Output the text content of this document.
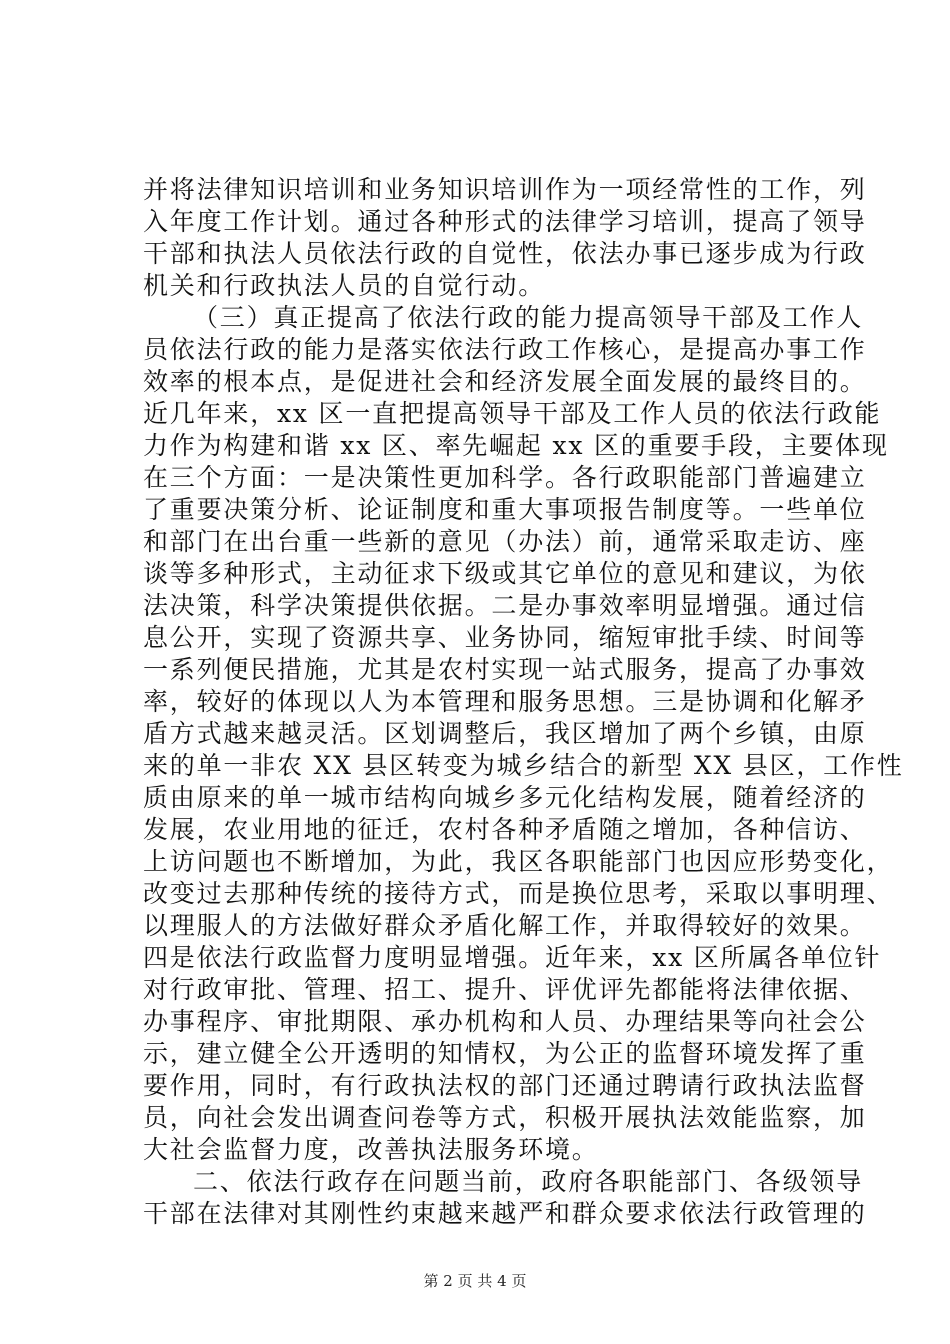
并将法律知识培训和业务知识培训作为一项经常性的工作，列
入年度工作计划。通过各种形式的法律学习培训，提高了领导
干部和执法人员依法行政的自觉性，依法办事已逐步成为行政
机关和行政执法人员的自觉行动。
（三）真正提高了依法行政的能力提高领导干部及工作人
员依法行政的能力是落实依法行政工作核心，是提高办事工作
效率的根本点，是促进社会和经济发展全面发展的最终目的。
近几年来，xx 区一直把提高领导干部及工作人员的依法行政能
力作为构建和谐 xx 区、率先崛起 xx 区的重要手段，主要体现
在三个方面：一是决策性更加科学。各行政职能部门普遍建立
了重要决策分析、论证制度和重大事项报告制度等。一些单位
和部门在出台重一些新的意见（办法）前，通常采取走访、座
谈等多种形式，主动征求下级或其它单位的意见和建议，为依
法决策，科学决策提供依据。二是办事效率明显增强。通过信
息公开，实现了资源共享、业务协同，缩短审批手续、时间等
一系列便民措施，尤其是农村实现一站式服务，提高了办事效
率，较好的体现以人为本管理和服务思想。三是协调和化解矛
盾方式越来越灵活。区划调整后，我区增加了两个乡镇，由原
来的单一非农 XX 县区转变为城乡结合的新型 XX 县区，工作性
质由原来的单一城市结构向城乡多元化结构发展，随着经济的
发展，农业用地的征迁，农村各种矛盾随之增加，各种信访、
上访问题也不断增加，为此，我区各职能部门也因应形势变化，
改变过去那种传统的接待方式，而是换位思考，采取以事明理、
以理服人的方法做好群众矛盾化解工作，并取得较好的效果。
四是依法行政监督力度明显增强。近年来，xx 区所属各单位针
对行政审批、管理、招工、提升、评优评先都能将法律依据、
办事程序、审批期限、承办机构和人员、办理结果等向社会公
示，建立健全公开透明的知情权，为公正的监督环境发挥了重
要作用，同时，有行政执法权的部门还通过聘请行政执法监督
员，向社会发出调查问卷等方式，积极开展执法效能监察，加
大社会监督力度，改善执法服务环境。
二、依法行政存在问题当前，政府各职能部门、各级领导
干部在法律对其刚性约束越来越严和群众要求依法行政管理的
第 2 页 共 4 页
